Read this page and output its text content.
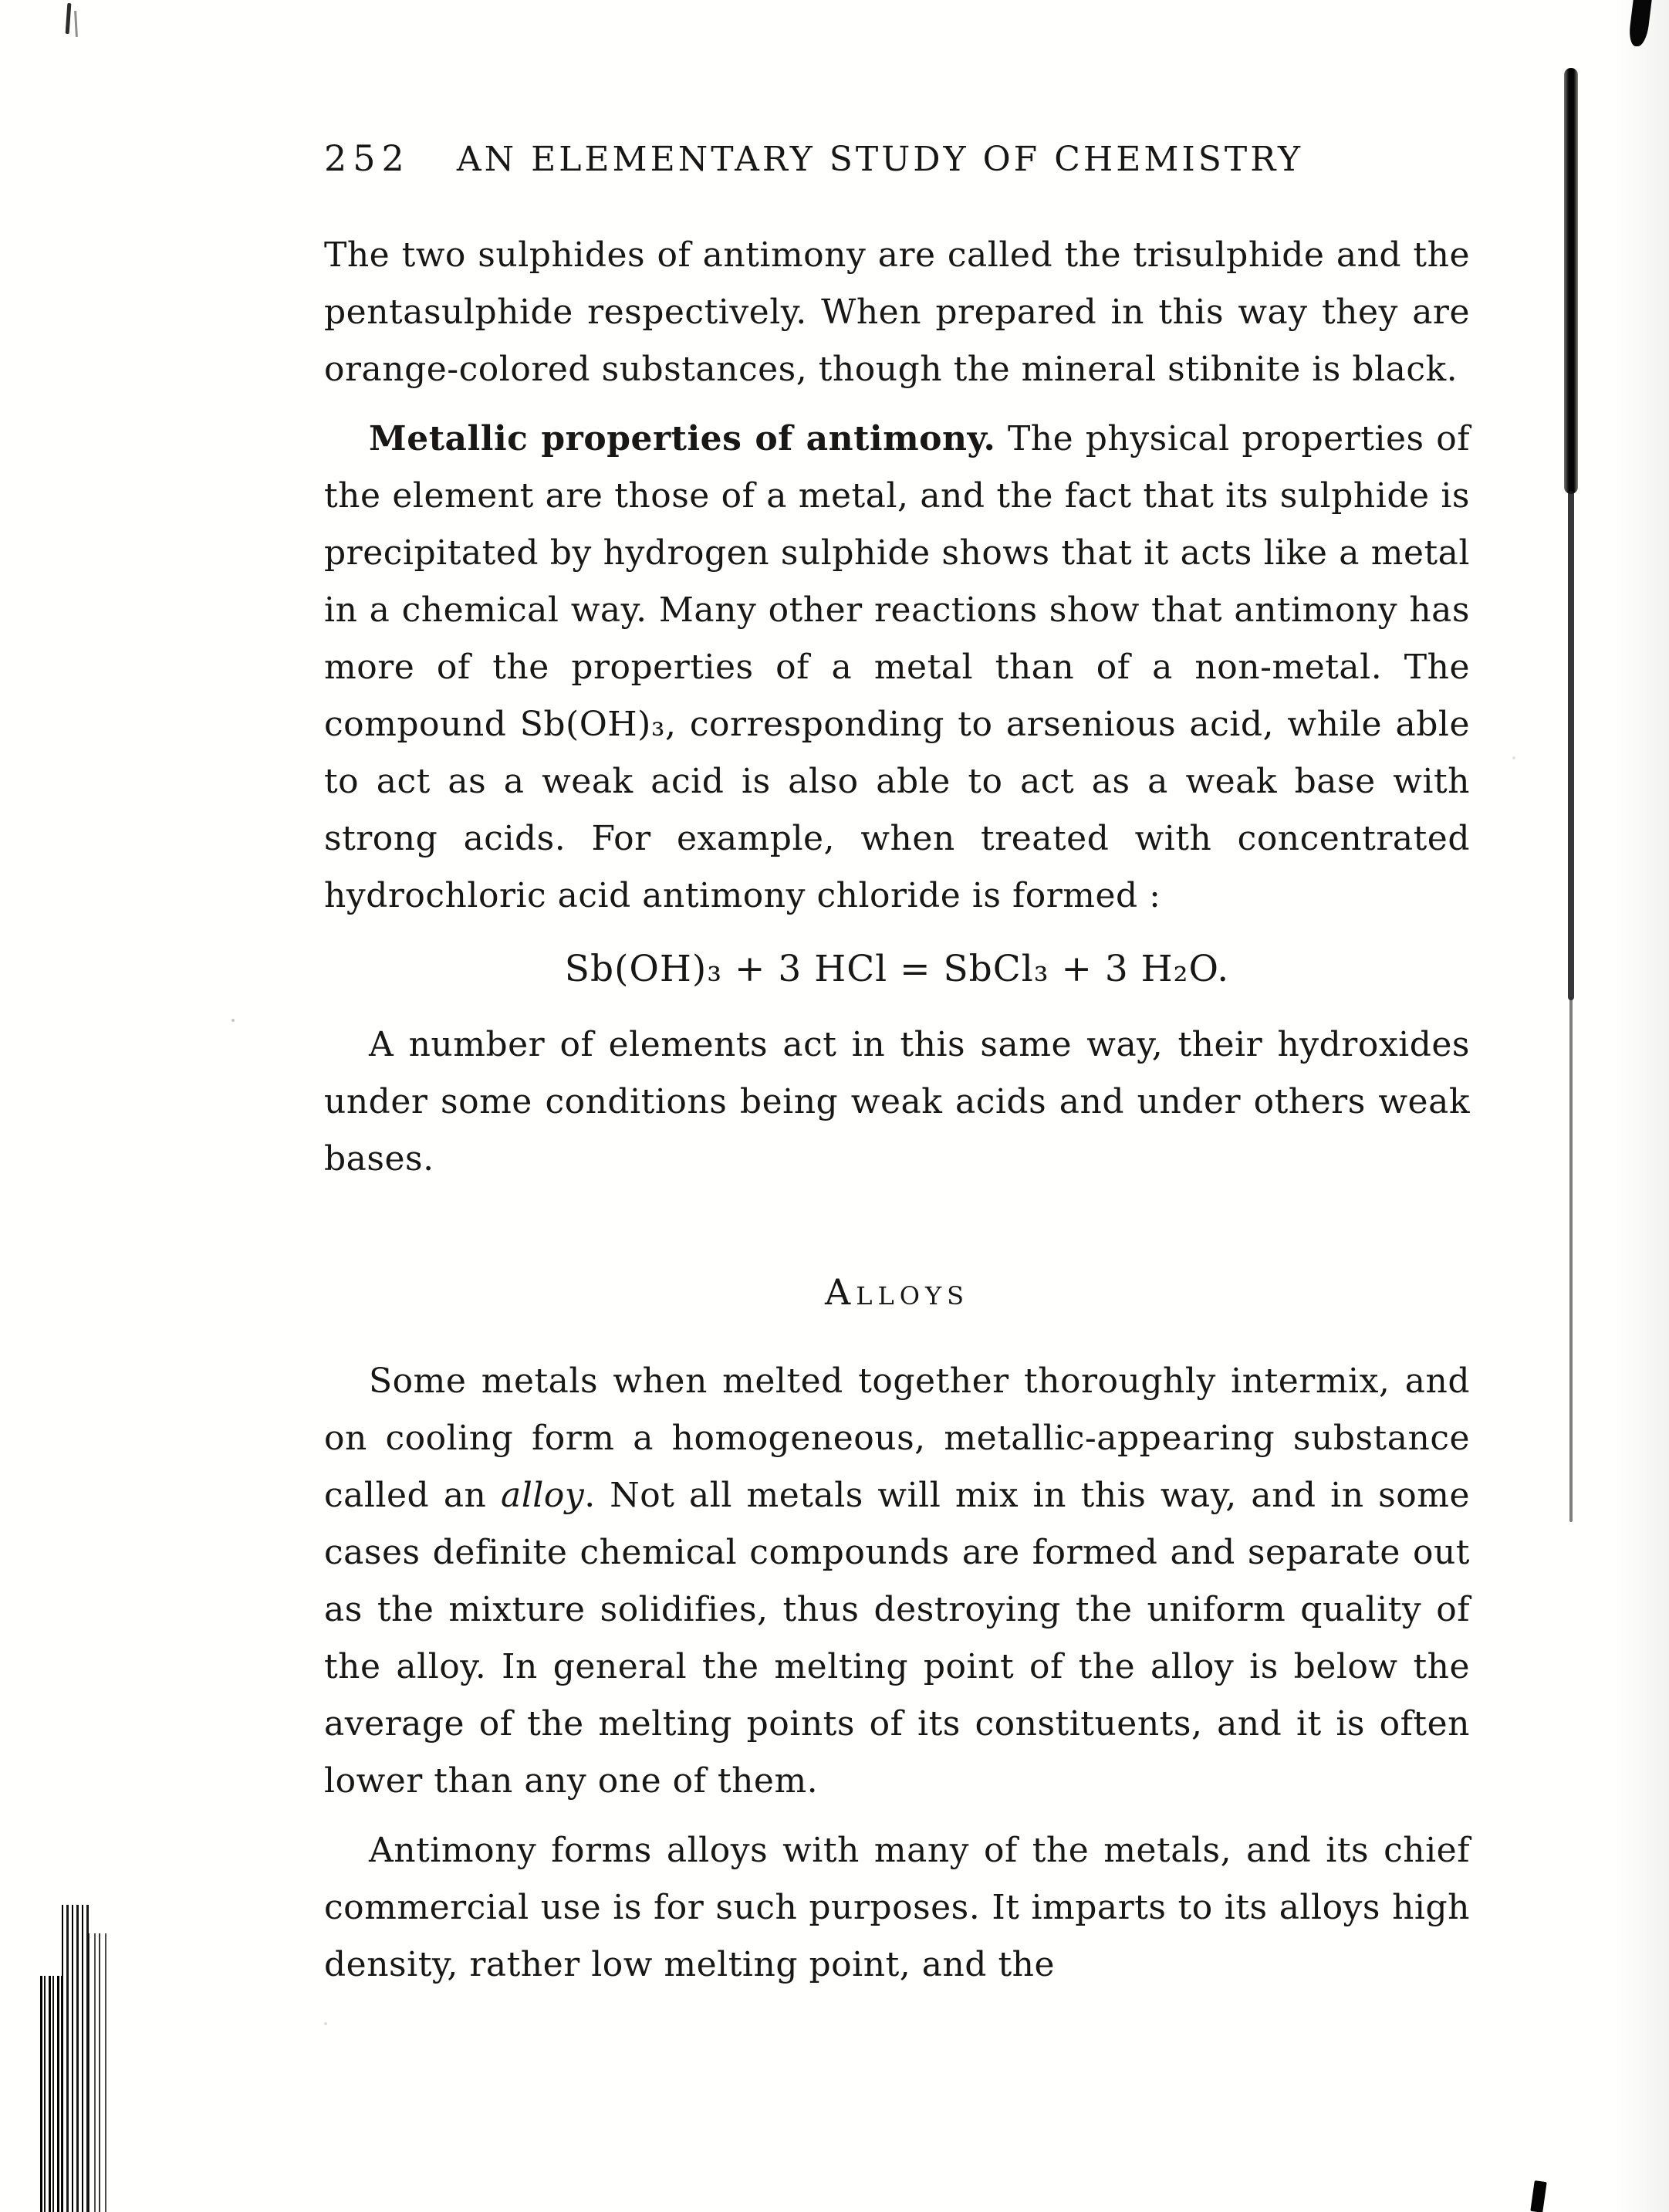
252 AN ELEMENTARY STUDY OF CHEMISTRY

The two sulphides of antimony are called the trisulphide and the pentasulphide respectively. When prepared in this way they are orange-colored substances, though the mineral stibnite is black.

Metallic properties of antimony. The physical properties of the element are those of a metal, and the fact that its sulphide is precipitated by hydrogen sulphide shows that it acts like a metal in a chemical way. Many other reactions show that antimony has more of the properties of a metal than of a non-metal. The compound Sb(OH)₃, corresponding to arsenious acid, while able to act as a weak acid is also able to act as a weak base with strong acids. For example, when treated with concentrated hydrochloric acid antimony chloride is formed :

Sb(OH)₃ + 3 HCl = SbCl₃ + 3 H₂O.

A number of elements act in this same way, their hydroxides under some conditions being weak acids and under others weak bases.

Alloys

Some metals when melted together thoroughly intermix, and on cooling form a homogeneous, metallic-appearing substance called an alloy. Not all metals will mix in this way, and in some cases definite chemical compounds are formed and separate out as the mixture solidifies, thus destroying the uniform quality of the alloy. In general the melting point of the alloy is below the average of the melting points of its constituents, and it is often lower than any one of them.

Antimony forms alloys with many of the metals, and its chief commercial use is for such purposes. It imparts to its alloys high density, rather low melting point, and the
